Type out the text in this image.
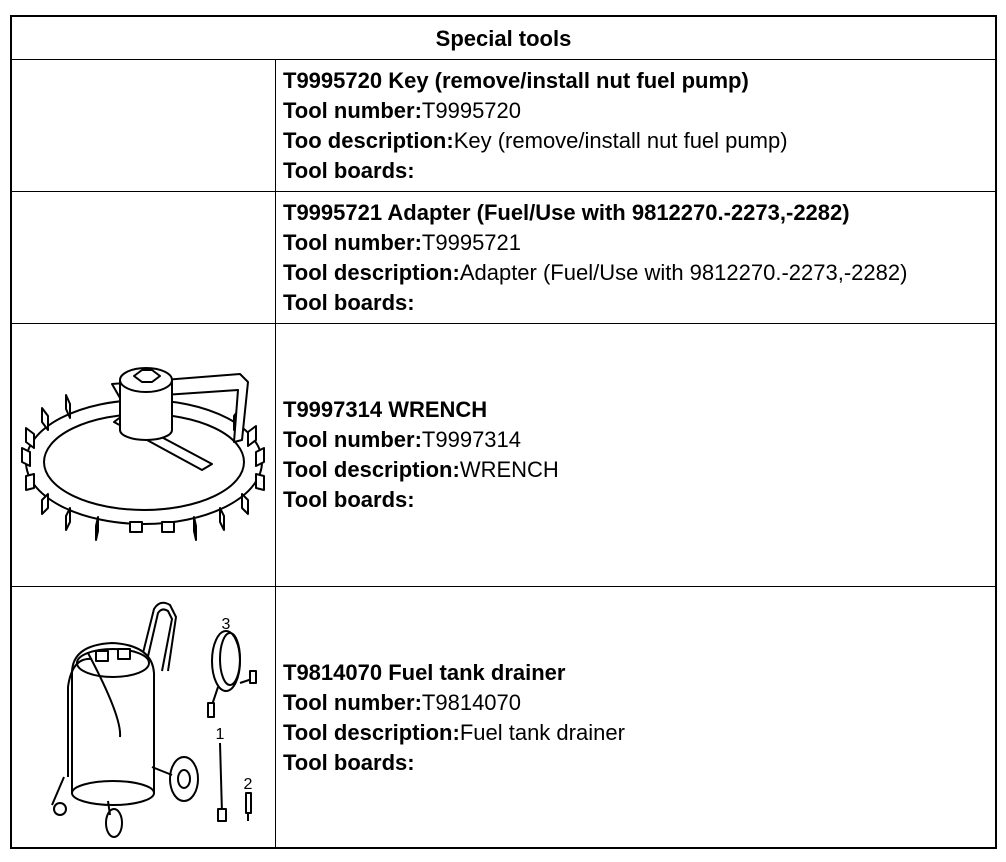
Special tools
T9995720 Key (remove/install nut fuel pump)
Tool number:T9995720
Too description:Key (remove/install nut fuel pump)
Tool boards:
T9995721 Adapter (Fuel/Use with 9812270.-2273,-2282)
Tool number:T9995721
Tool description:Adapter (Fuel/Use with 9812270.-2273,-2282)
Tool boards:
T9997314 WRENCH
Tool number:T9997314
Tool description:WRENCH
Tool boards:
3
1
2
T9814070 Fuel tank drainer
Tool number:T9814070
Tool description:Fuel tank drainer
Tool boards:
